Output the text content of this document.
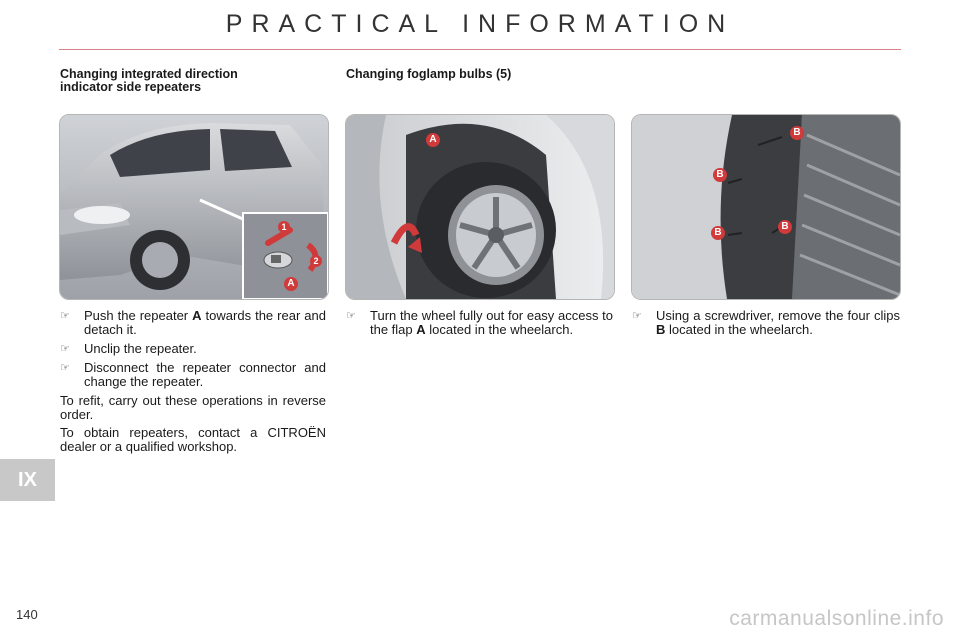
PRACTICAL INFORMATION
Changing integrated direction
indicator side repeaters
Changing foglamp bulbs (5)
1
2
A
A
B
B
B
B
☞ Push the repeater A towards the rear and detach it.
☞ Unclip the repeater.
☞ Disconnect the repeater connector and change the repeater.
To refit, carry out these operations in reverse order.
To obtain repeaters, contact a CITROËN dealer or a qualified workshop.
☞ Turn the wheel fully out for easy access to the flap A located in the wheelarch.
☞ Using a screwdriver, remove the four clips B located in the wheelarch.
IX
140	carmanualsonline.info
